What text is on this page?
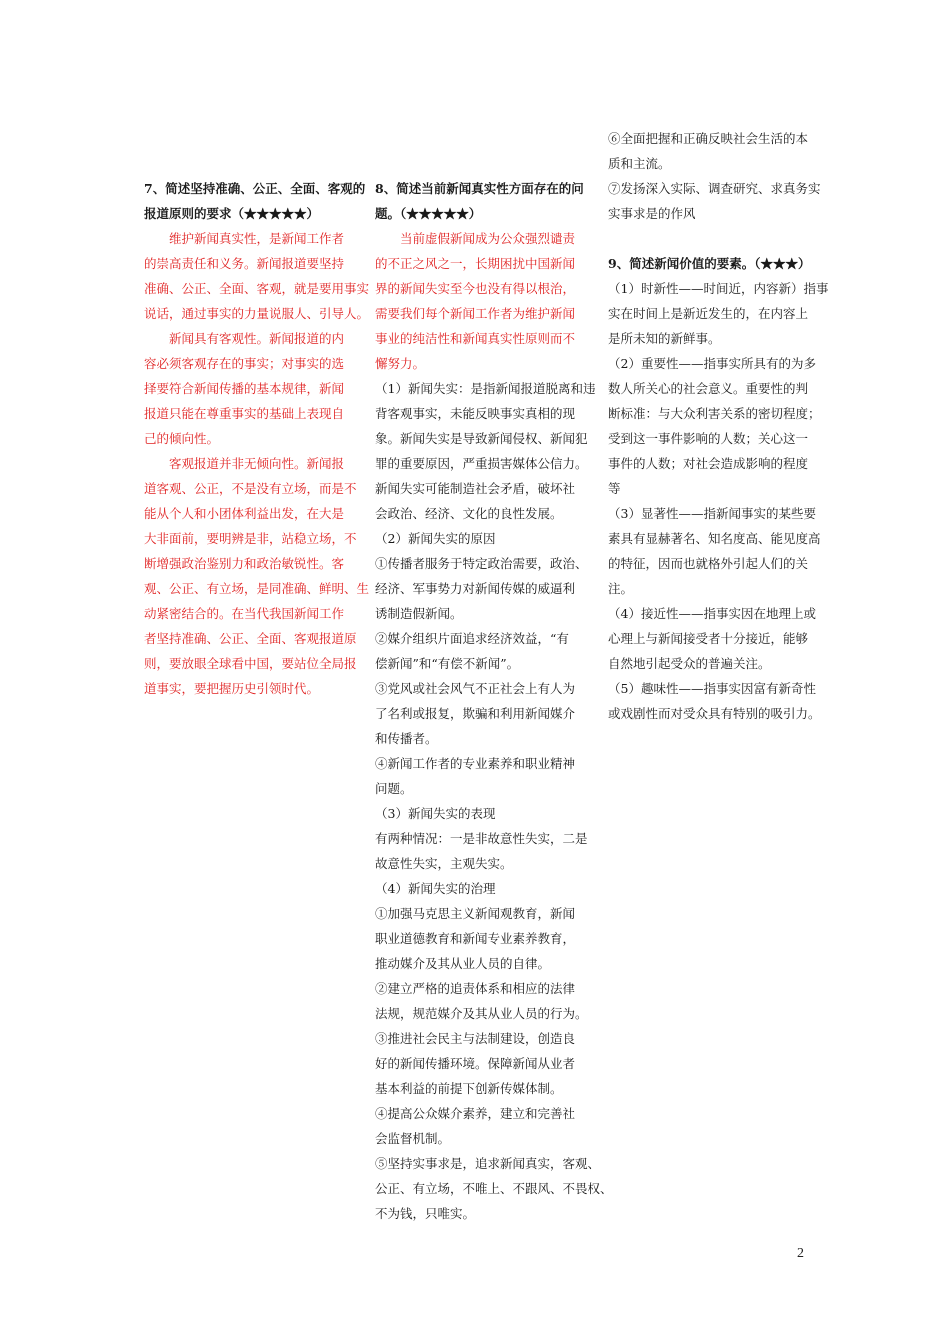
7、简述坚持准确、公正、全面、客观的
报道原则的要求（★★★★★）
　　维护新闻真实性，是新闻工作者
的崇高责任和义务。新闻报道要坚持
准确、公正、全面、客观，就是要用事实
说话，通过事实的力量说服人、引导人。
　　新闻具有客观性。新闻报道的内
容必须客观存在的事实；对事实的选
择要符合新闻传播的基本规律，新闻
报道只能在尊重事实的基础上表现自
己的倾向性。
　　客观报道并非无倾向性。新闻报
道客观、公正，不是没有立场，而是不
能从个人和小团体利益出发，在大是
大非面前，要明辨是非，站稳立场，不
断增强政治鉴别力和政治敏锐性。客
观、公正、有立场，是同准确、鲜明、生
动紧密结合的。在当代我国新闻工作
者坚持准确、公正、全面、客观报道原
则，要放眼全球看中国，要站位全局报
道事实，要把握历史引领时代。
8、简述当前新闻真实性方面存在的问
题。（★★★★★）
　　当前虚假新闻成为公众强烈谴责
的不正之风之一，长期困扰中国新闻
界的新闻失实至今也没有得以根治，
需要我们每个新闻工作者为维护新闻
事业的纯洁性和新闻真实性原则而不
懈努力。
（1）新闻失实：是指新闻报道脱离和违
背客观事实，未能反映事实真相的现
象。新闻失实是导致新闻侵权、新闻犯
罪的重要原因，严重损害媒体公信力。
新闻失实可能制造社会矛盾，破坏社
会政治、经济、文化的良性发展。
（2）新闻失实的原因
①传播者服务于特定政治需要，政治、
经济、军事势力对新闻传媒的威逼利
诱制造假新闻。
②媒介组织片面追求经济效益，“有
偿新闻”和“有偿不新闻”。
③党风或社会风气不正社会上有人为
了名利或报复，欺骗和利用新闻媒介
和传播者。
④新闻工作者的专业素养和职业精神
问题。
（3）新闻失实的表现
有两种情况：一是非故意性失实，二是
故意性失实，主观失实。
（4）新闻失实的治理
①加强马克思主义新闻观教育，新闻
职业道德教育和新闻专业素养教育，
推动媒介及其从业人员的自律。
②建立严格的追责体系和相应的法律
法规，规范媒介及其从业人员的行为。
③推进社会民主与法制建设，创造良
好的新闻传播环境。保障新闻从业者
基本利益的前提下创新传媒体制。
④提高公众媒介素养，建立和完善社
会监督机制。
⑤坚持实事求是，追求新闻真实，客观、
公正、有立场，不唯上、不跟风、不畏权、
不为钱，只唯实。
⑥全面把握和正确反映社会生活的本
质和主流。
⑦发扬深入实际、调查研究、求真务实
实事求是的作风
9、简述新闻价值的要素。（★★★）
（1）时新性——时间近，内容新）指事
实在时间上是新近发生的，在内容上
是所未知的新鲜事。
（2）重要性——指事实所具有的为多
数人所关心的社会意义。重要性的判
断标准：与大众利害关系的密切程度；
受到这一事件影响的人数；关心这一
事件的人数；对社会造成影响的程度
等
（3）显著性——指新闻事实的某些要
素具有显赫著名、知名度高、能见度高
的特征，因而也就格外引起人们的关
注。
（4）接近性——指事实因在地理上或
心理上与新闻接受者十分接近，能够
自然地引起受众的普遍关注。
（5）趣味性——指事实因富有新奇性
或戏剧性而对受众具有特别的吸引力。
2
